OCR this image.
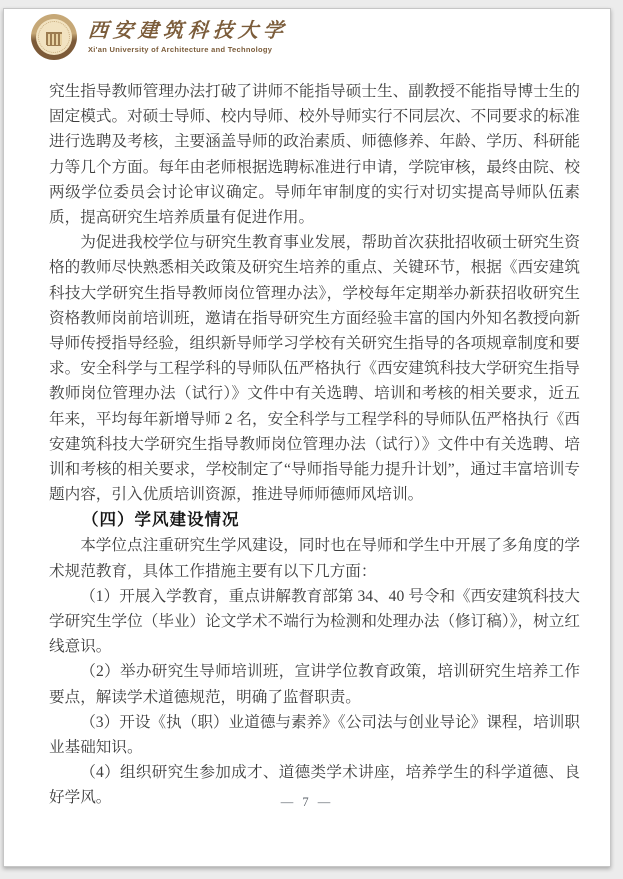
西安建筑科技大学
Xi'an University of Architecture and Technology

究生指导教师管理办法打破了讲师不能指导硕士生、副教授不能指导博士生的固定模式。对硕士导师、校内导师、校外导师实行不同层次、不同要求的标准进行选聘及考核，主要涵盖导师的政治素质、师德修养、年龄、学历、科研能力等几个方面。每年由老师根据选聘标准进行申请，学院审核，最终由院、校两级学位委员会讨论审议确定。导师年审制度的实行对切实提高导师队伍素质，提高研究生培养质量有促进作用。

为促进我校学位与研究生教育事业发展，帮助首次获批招收硕士研究生资格的教师尽快熟悉相关政策及研究生培养的重点、关键环节，根据《西安建筑科技大学研究生指导教师岗位管理办法》，学校每年定期举办新获招收研究生资格教师岗前培训班，邀请在指导研究生方面经验丰富的国内外知名教授向新导师传授指导经验，组织新导师学习学校有关研究生指导的各项规章制度和要求。安全科学与工程学科的导师队伍严格执行《西安建筑科技大学研究生指导教师岗位管理办法（试行）》文件中有关选聘、培训和考核的相关要求，近五年来，平均每年新增导师 2 名，安全科学与工程学科的导师队伍严格执行《西安建筑科技大学研究生指导教师岗位管理办法（试行）》文件中有关选聘、培训和考核的相关要求，学校制定了“导师指导能力提升计划”，通过丰富培训专题内容，引入优质培训资源，推进导师师德师风培训。

（四）学风建设情况

本学位点注重研究生学风建设，同时也在导师和学生中开展了多角度的学术规范教育，具体工作措施主要有以下几方面：

（1）开展入学教育，重点讲解教育部第 34、40 号令和《西安建筑科技大学研究生学位（毕业）论文学术不端行为检测和处理办法（修订稿）》，树立红线意识。

（2）举办研究生导师培训班，宣讲学位教育政策，培训研究生培养工作要点，解读学术道德规范，明确了监督职责。

（3）开设《执（职）业道德与素养》《公司法与创业导论》课程，培训职业基础知识。

（4）组织研究生参加成才、道德类学术讲座，培养学生的科学道德、良好学风。	— 7 —
